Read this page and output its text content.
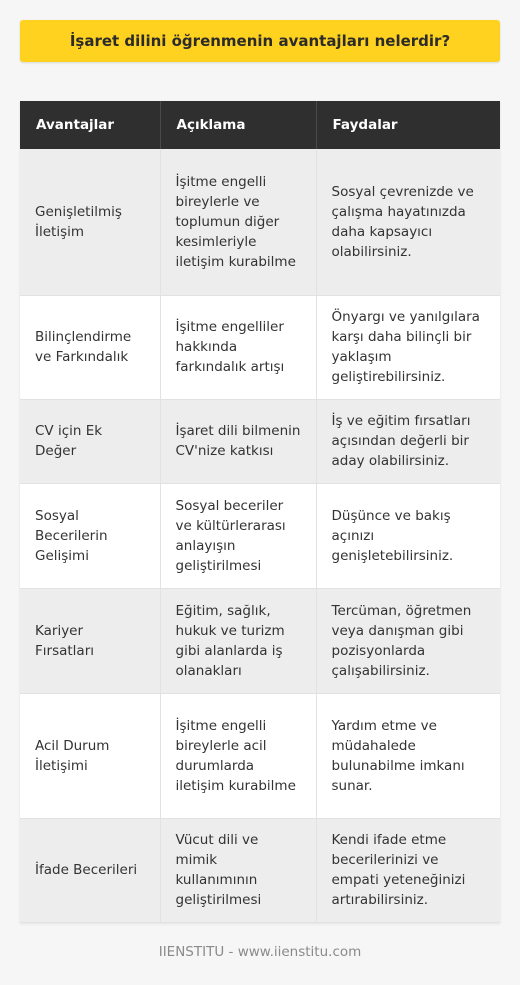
İşaret dilini öğrenmenin avantajları nelerdir?
Avantajlar	Açıklama	Faydalar
Genişletilmiş İletişim	İşitme engelli bireylerle ve toplumun diğer kesimleriyle iletişim kurabilme	Sosyal çevrenizde ve çalışma hayatınızda daha kapsayıcı olabilirsiniz.
Bilinçlendirme ve Farkındalık	İşitme engelliler hakkında farkındalık artışı	Önyargı ve yanılgılara karşı daha bilinçli bir yaklaşım geliştirebilirsiniz.
CV için Ek Değer	İşaret dili bilmenin CV'nize katkısı	İş ve eğitim fırsatları açısından değerli bir aday olabilirsiniz.
Sosyal Becerilerin Gelişimi	Sosyal beceriler ve kültürlerarası anlayışın geliştirilmesi	Düşünce ve bakış açınızı genişletebilirsiniz.
Kariyer Fırsatları	Eğitim, sağlık, hukuk ve turizm gibi alanlarda iş olanakları	Tercüman, öğretmen veya danışman gibi pozisyonlarda çalışabilirsiniz.
Acil Durum İletişimi	İşitme engelli bireylerle acil durumlarda iletişim kurabilme	Yardım etme ve müdahalede bulunabilme imkanı sunar.
İfade Becerileri	Vücut dili ve mimik kullanımının geliştirilmesi	Kendi ifade etme becerilerinizi ve empati yeteneğinizi artırabilirsiniz.
IIENSTITU - www.iienstitu.com
